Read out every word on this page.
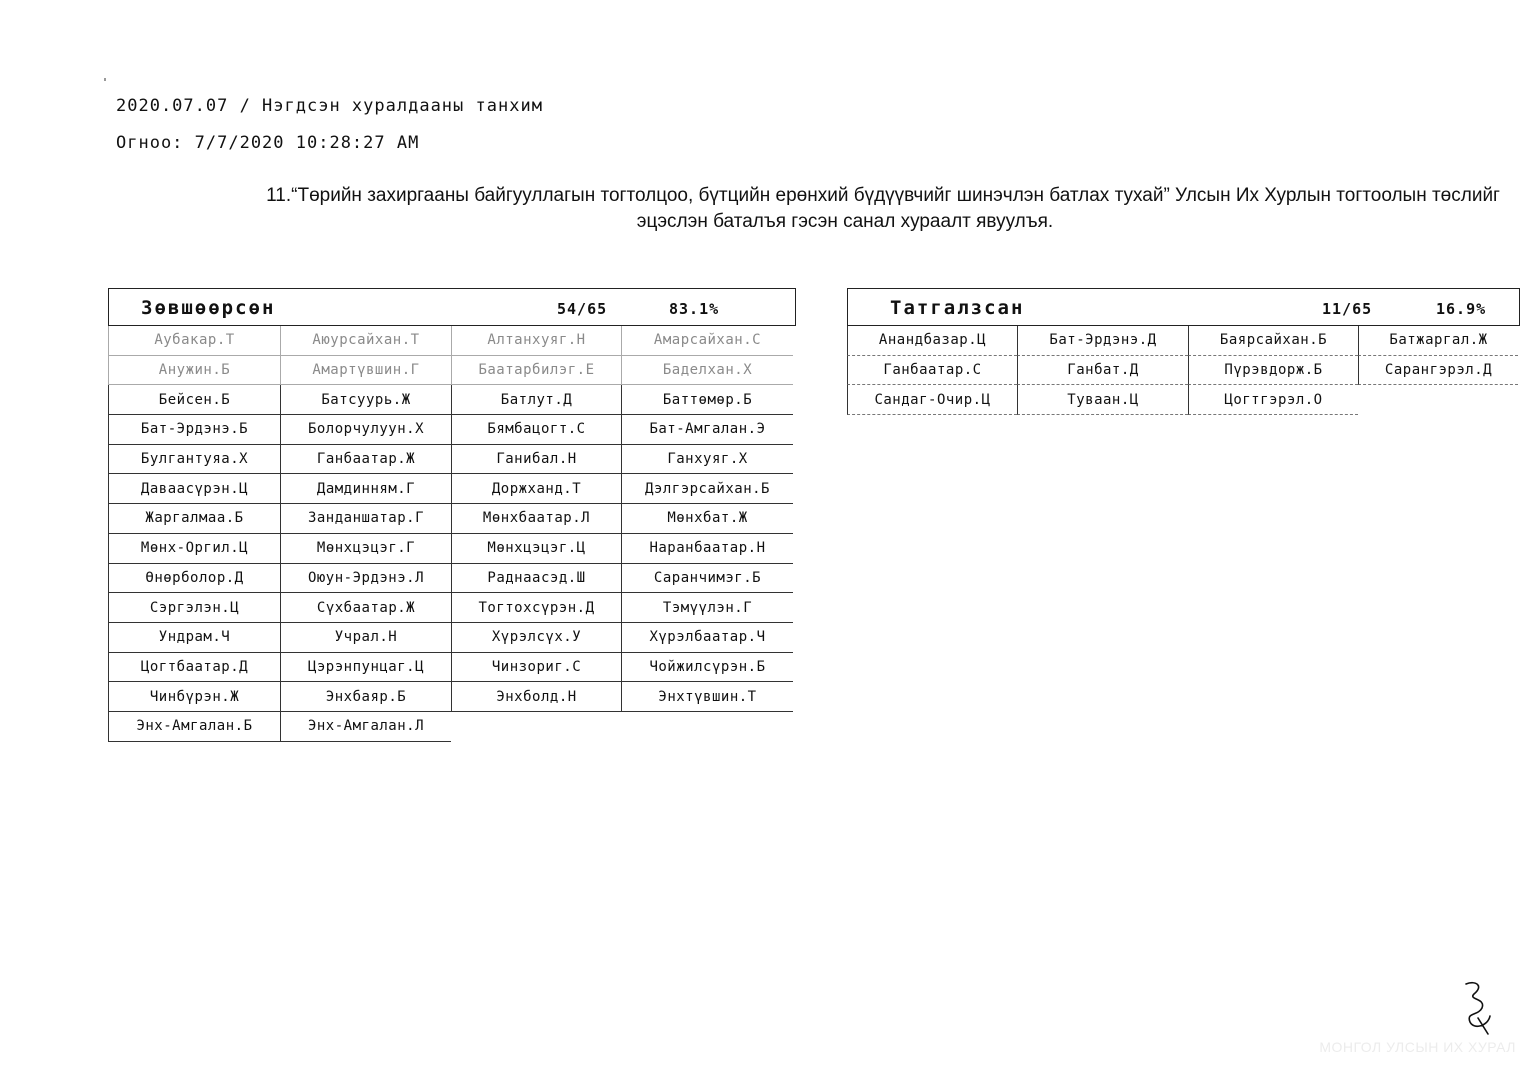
2020.07.07 / Нэгдсэн хуралдааны танхим
Огноо: 7/7/2020 10:28:27 AM
11.“Төрийн захиргааны байгууллагын тогтолцоо, бүтцийн ерөнхий бүдүүвчийг шинэчлэн батлах тухай” Улсын Их Хурлын тогтоолын төслийг
эцэслэн баталъя гэсэн санал хураалт явуулъя.
Зөвшөөрсөн	54/65	83.1%
Аубакар.Т	Аюурсайхан.Т	Алтанхуяг.Н	Амарсайхан.С
Анужин.Б	Амартүвшин.Г	Баатарбилэг.Е	Баделхан.Х
Бейсен.Б	Батсуурь.Ж	Батлут.Д	Баттөмөр.Б
Бат-Эрдэнэ.Б	Болорчулуун.Х	Бямбацогт.С	Бат-Амгалан.Э
Булгантуяа.Х	Ганбаатар.Ж	Ганибал.Н	Ганхуяг.Х
Даваасүрэн.Ц	Дамдинням.Г	Доржханд.Т	Дэлгэрсайхан.Б
Жаргалмаа.Б	Занданшатар.Г	Мөнхбаатар.Л	Мөнхбат.Ж
Мөнх-Оргил.Ц	Мөнхцэцэг.Г	Мөнхцэцэг.Ц	Наранбаатар.Н
Өнөрболор.Д	Оюун-Эрдэнэ.Л	Раднаасэд.Ш	Саранчимэг.Б
Сэргэлэн.Ц	Сүхбаатар.Ж	Тогтохсүрэн.Д	Тэмүүлэн.Г
Ундрам.Ч	Учрал.Н	Хүрэлсүх.У	Хүрэлбаатар.Ч
Цогтбаатар.Д	Цэрэнпунцаг.Ц	Чинзориг.С	Чойжилсүрэн.Б
Чинбүрэн.Ж	Энхбаяр.Б	Энхболд.Н	Энхтүвшин.Т
Энх-Амгалан.Б	Энх-Амгалан.Л
Татгалзсан	11/65	16.9%
Анандбазар.Ц	Бат-Эрдэнэ.Д	Баярсайхан.Б	Батжаргал.Ж
Ганбаатар.С	Ганбат.Д	Пүрэвдорж.Б	Сарангэрэл.Д
Сандаг-Очир.Ц	Туваан.Ц	Цогтгэрэл.О
МОНГОЛ УЛСЫН ИХ ХУРАЛ
